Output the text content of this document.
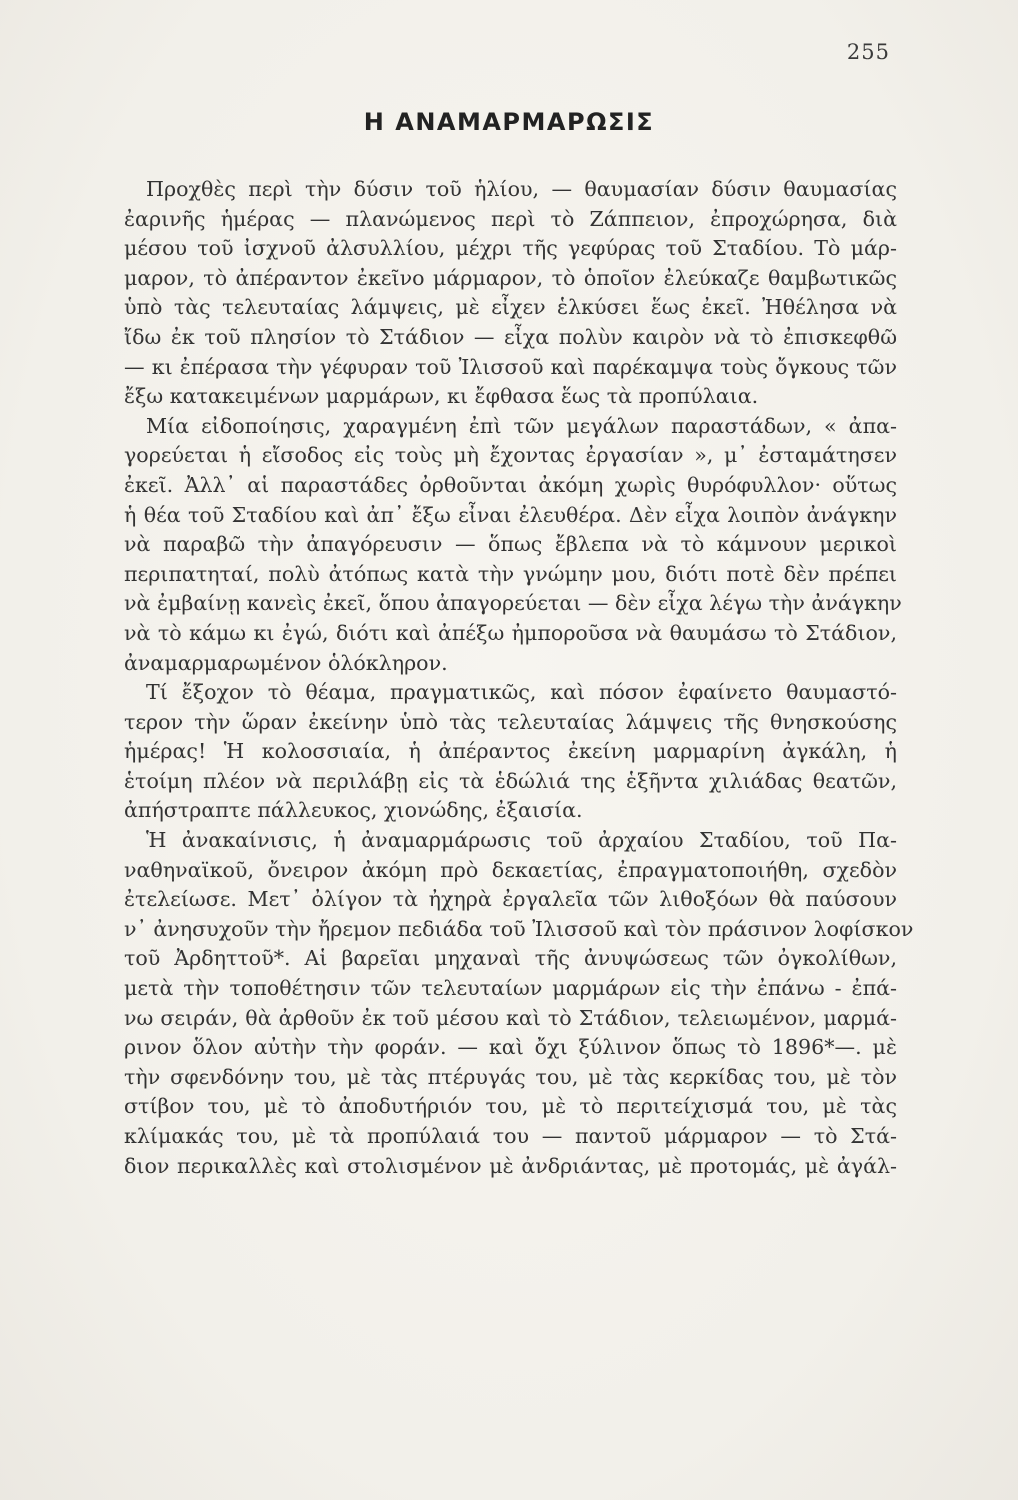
255
Η ΑΝΑΜΑΡΜΑΡΩΣΙΣ
Προχθὲς περὶ τὴν δύσιν τοῦ ἡλίου, — θαυμασίαν δύσιν θαυμασίας
ἐαρινῆς ἡμέρας — πλανώμενος περὶ τὸ Ζάππειον, ἐπροχώρησα, διὰ
μέσου τοῦ ἰσχνοῦ ἀλσυλλίου, μέχρι τῆς γεφύρας τοῦ Σταδίου. Τὸ μάρ-
μαρον, τὸ ἀπέραντον ἐκεῖνο μάρμαρον, τὸ ὁποῖον ἐλεύκαζε θαμβωτικῶς
ὑπὸ τὰς τελευταίας λάμψεις, μὲ εἶχεν ἑλκύσει ἕως ἐκεῖ. Ἠθέλησα νὰ
ἴδω ἐκ τοῦ πλησίον τὸ Στάδιον — εἶχα πολὺν καιρὸν νὰ τὸ ἐπισκεφθῶ
— κι ἐπέρασα τὴν γέφυραν τοῦ Ἰλισσοῦ καὶ παρέκαμψα τοὺς ὄγκους τῶν
ἔξω κατακειμένων μαρμάρων, κι ἔφθασα ἕως τὰ προπύλαια.
Μία εἰδοποίησις, χαραγμένη ἐπὶ τῶν μεγάλων παραστάδων, « ἀπα-
γορεύεται ἡ εἴσοδος εἰς τοὺς μὴ ἔχοντας ἐργασίαν », μ᾽ ἐσταμάτησεν
ἐκεῖ. Ἀλλ᾽ αἱ παραστάδες ὀρθοῦνται ἀκόμη χωρὶς θυρόφυλλον· οὕτως
ἡ θέα τοῦ Σταδίου καὶ ἀπ᾽ ἔξω εἶναι ἐλευθέρα. Δὲν εἶχα λοιπὸν ἀνάγκην
νὰ παραβῶ τὴν ἀπαγόρευσιν — ὅπως ἔβλεπα νὰ τὸ κάμνουν μερικοὶ
περιπατηταί, πολὺ ἀτόπως κατὰ τὴν γνώμην μου, διότι ποτὲ δὲν πρέπει
νὰ ἐμβαίνῃ κανεὶς ἐκεῖ, ὅπου ἀπαγορεύεται — δὲν εἶχα λέγω τὴν ἀνάγκην
νὰ τὸ κάμω κι ἐγώ, διότι καὶ ἀπέξω ἠμποροῦσα νὰ θαυμάσω τὸ Στάδιον,
ἀναμαρμαρωμένον ὁλόκληρον.
Τί ἔξοχον τὸ θέαμα, πραγματικῶς, καὶ πόσον ἐφαίνετο θαυμαστό-
τερον τὴν ὥραν ἐκείνην ὑπὸ τὰς τελευταίας λάμψεις τῆς θνησκούσης
ἡμέρας! Ἡ κολοσσιαία, ἡ ἀπέραντος ἐκείνη μαρμαρίνη ἀγκάλη, ἡ
ἑτοίμη πλέον νὰ περιλάβῃ εἰς τὰ ἑδώλιά της ἑξῆντα χιλιάδας θεατῶν,
ἀπήστραπτε πάλλευκος, χιονώδης, ἐξαισία.
Ἡ ἀνακαίνισις, ἡ ἀναμαρμάρωσις τοῦ ἀρχαίου Σταδίου, τοῦ Πα-
ναθηναϊκοῦ, ὄνειρον ἀκόμη πρὸ δεκαετίας, ἐπραγματοποιήθη, σχεδὸν
ἐτελείωσε. Μετ᾽ ὀλίγον τὰ ἠχηρὰ ἐργαλεῖα τῶν λιθοξόων θὰ παύσουν
ν᾽ ἀνησυχοῦν τὴν ἤρεμον πεδιάδα τοῦ Ἰλισσοῦ καὶ τὸν πράσινον λοφίσκον
τοῦ Ἀρδηττοῦ*. Αἱ βαρεῖαι μηχαναὶ τῆς ἀνυψώσεως τῶν ὀγκολίθων,
μετὰ τὴν τοποθέτησιν τῶν τελευταίων μαρμάρων εἰς τὴν ἐπάνω - ἐπά-
νω σειράν, θὰ ἀρθοῦν ἐκ τοῦ μέσου καὶ τὸ Στάδιον, τελειωμένον, μαρμά-
ρινον ὅλον αὐτὴν τὴν φοράν. — καὶ ὄχι ξύλινον ὅπως τὸ 1896*—. μὲ
τὴν σφενδόνην του, μὲ τὰς πτέρυγάς του, μὲ τὰς κερκίδας του, μὲ τὸν
στίβον του, μὲ τὸ ἀποδυτήριόν του, μὲ τὸ περιτείχισμά του, μὲ τὰς
κλίμακάς του, μὲ τὰ προπύλαιά του — παντοῦ μάρμαρον — τὸ Στά-
διον περικαλλὲς καὶ στολισμένον μὲ ἀνδριάντας, μὲ προτομάς, μὲ ἀγάλ-
